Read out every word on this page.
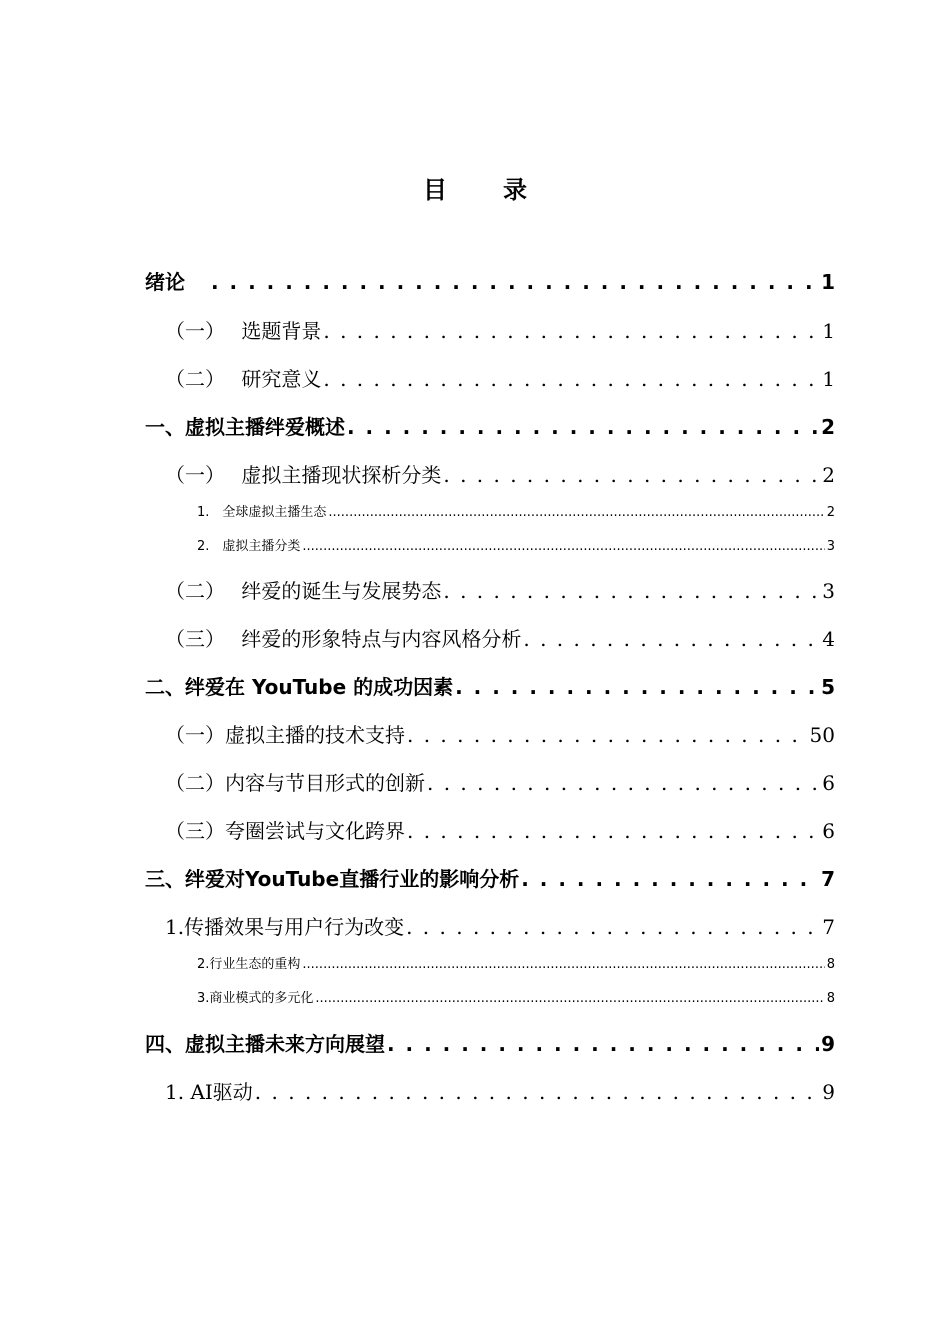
目 录
绪论 . . .	1
（一）　 选题背景 . . .	1
（二）　 研究意义 . . .	1
一、虚拟主播绊爱概述 . . .	2
（一）　 虚拟主播现状探析分类 . . .	2
1.　全球虚拟主播生态 .....	2
2.　虚拟主播分类 .....	3
（二）　 绊爱的诞生与发展势态 . . .	3
（三）　 绊爱的形象特点与内容风格分析 . . .	4
二、绊爱在 YouTube 的成功因素 . . .	5
（一）虚拟主播的技术支持 . . .	50
（二）内容与节目形式的创新 . . .	6
（三）夸圈尝试与文化跨界 . . .	6
三、绊爱对YouTube直播行业的影响分析 . . .	7
1.传播效果与用户行为改变 . . .	7
2.行业生态的重构 .....	8
3.商业模式的多元化 .....	8
四、虚拟主播未来方向展望 . . .	9
1. AI驱动 . . .	9
